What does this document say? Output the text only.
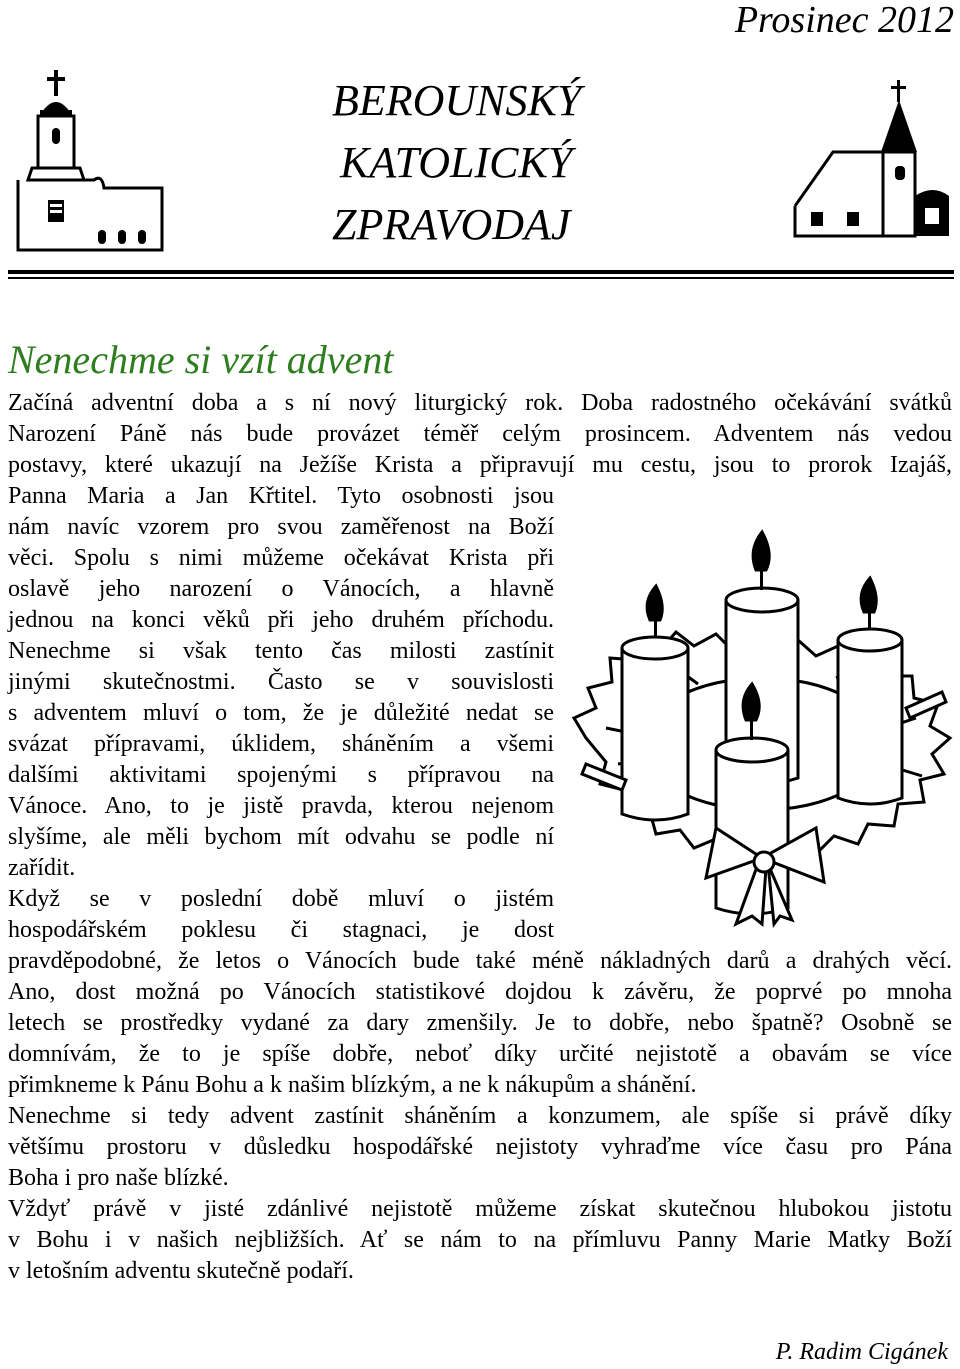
Prosinec 2012
BEROUNSKÝ
KATOLICKÝ
ZPRAVODAJ
Nenechme si vzít advent
Začíná adventní doba a s ní nový liturgický rok. Doba radostného očekávání svátků
Narození Páně nás bude provázet téměř celým prosincem. Adventem nás vedou
postavy, které ukazují na Ježíše Krista a připravují mu cestu, jsou to prorok Izajáš,
Panna Maria a Jan Křtitel. Tyto osobnosti jsou
nám navíc vzorem pro svou zaměřenost na Boží
věci. Spolu s nimi můžeme očekávat Krista při
oslavě jeho narození o Vánocích, a hlavně
jednou na konci věků při jeho druhém příchodu.
Nenechme si však tento čas milosti zastínit
jinými skutečnostmi. Často se v souvislosti
s adventem mluví o tom, že je důležité nedat se
svázat přípravami, úklidem, sháněním a všemi
dalšími aktivitami spojenými s přípravou na
Vánoce. Ano, to je jistě pravda, kterou nejenom
slyšíme, ale měli bychom mít odvahu se podle ní
zařídit.
Když se v poslední době mluví o jistém
hospodářském poklesu či stagnaci, je dost
pravděpodobné, že letos o Vánocích bude také méně nákladných darů a drahých věcí.
Ano, dost možná po Vánocích statistikové dojdou k závěru, že poprvé po mnoha
letech se prostředky vydané za dary zmenšily. Je to dobře, nebo špatně? Osobně se
domnívám, že to je spíše dobře, neboť díky určité nejistotě a obavám se více
přimkneme k Pánu Bohu a k našim blízkým, a ne k nákupům a shánění.
Nenechme si tedy advent zastínit sháněním a konzumem, ale spíše si právě díky
většímu prostoru v důsledku hospodářské nejistoty vyhraďme více času pro Pána
Boha i pro naše blízké.
Vždyť právě v jisté zdánlivé nejistotě můžeme získat skutečnou hlubokou jistotu
v Bohu i v našich nejbližších. Ať se nám to na přímluvu Panny Marie Matky Boží
v letošním adventu skutečně podaří.
P. Radim Cigánek
